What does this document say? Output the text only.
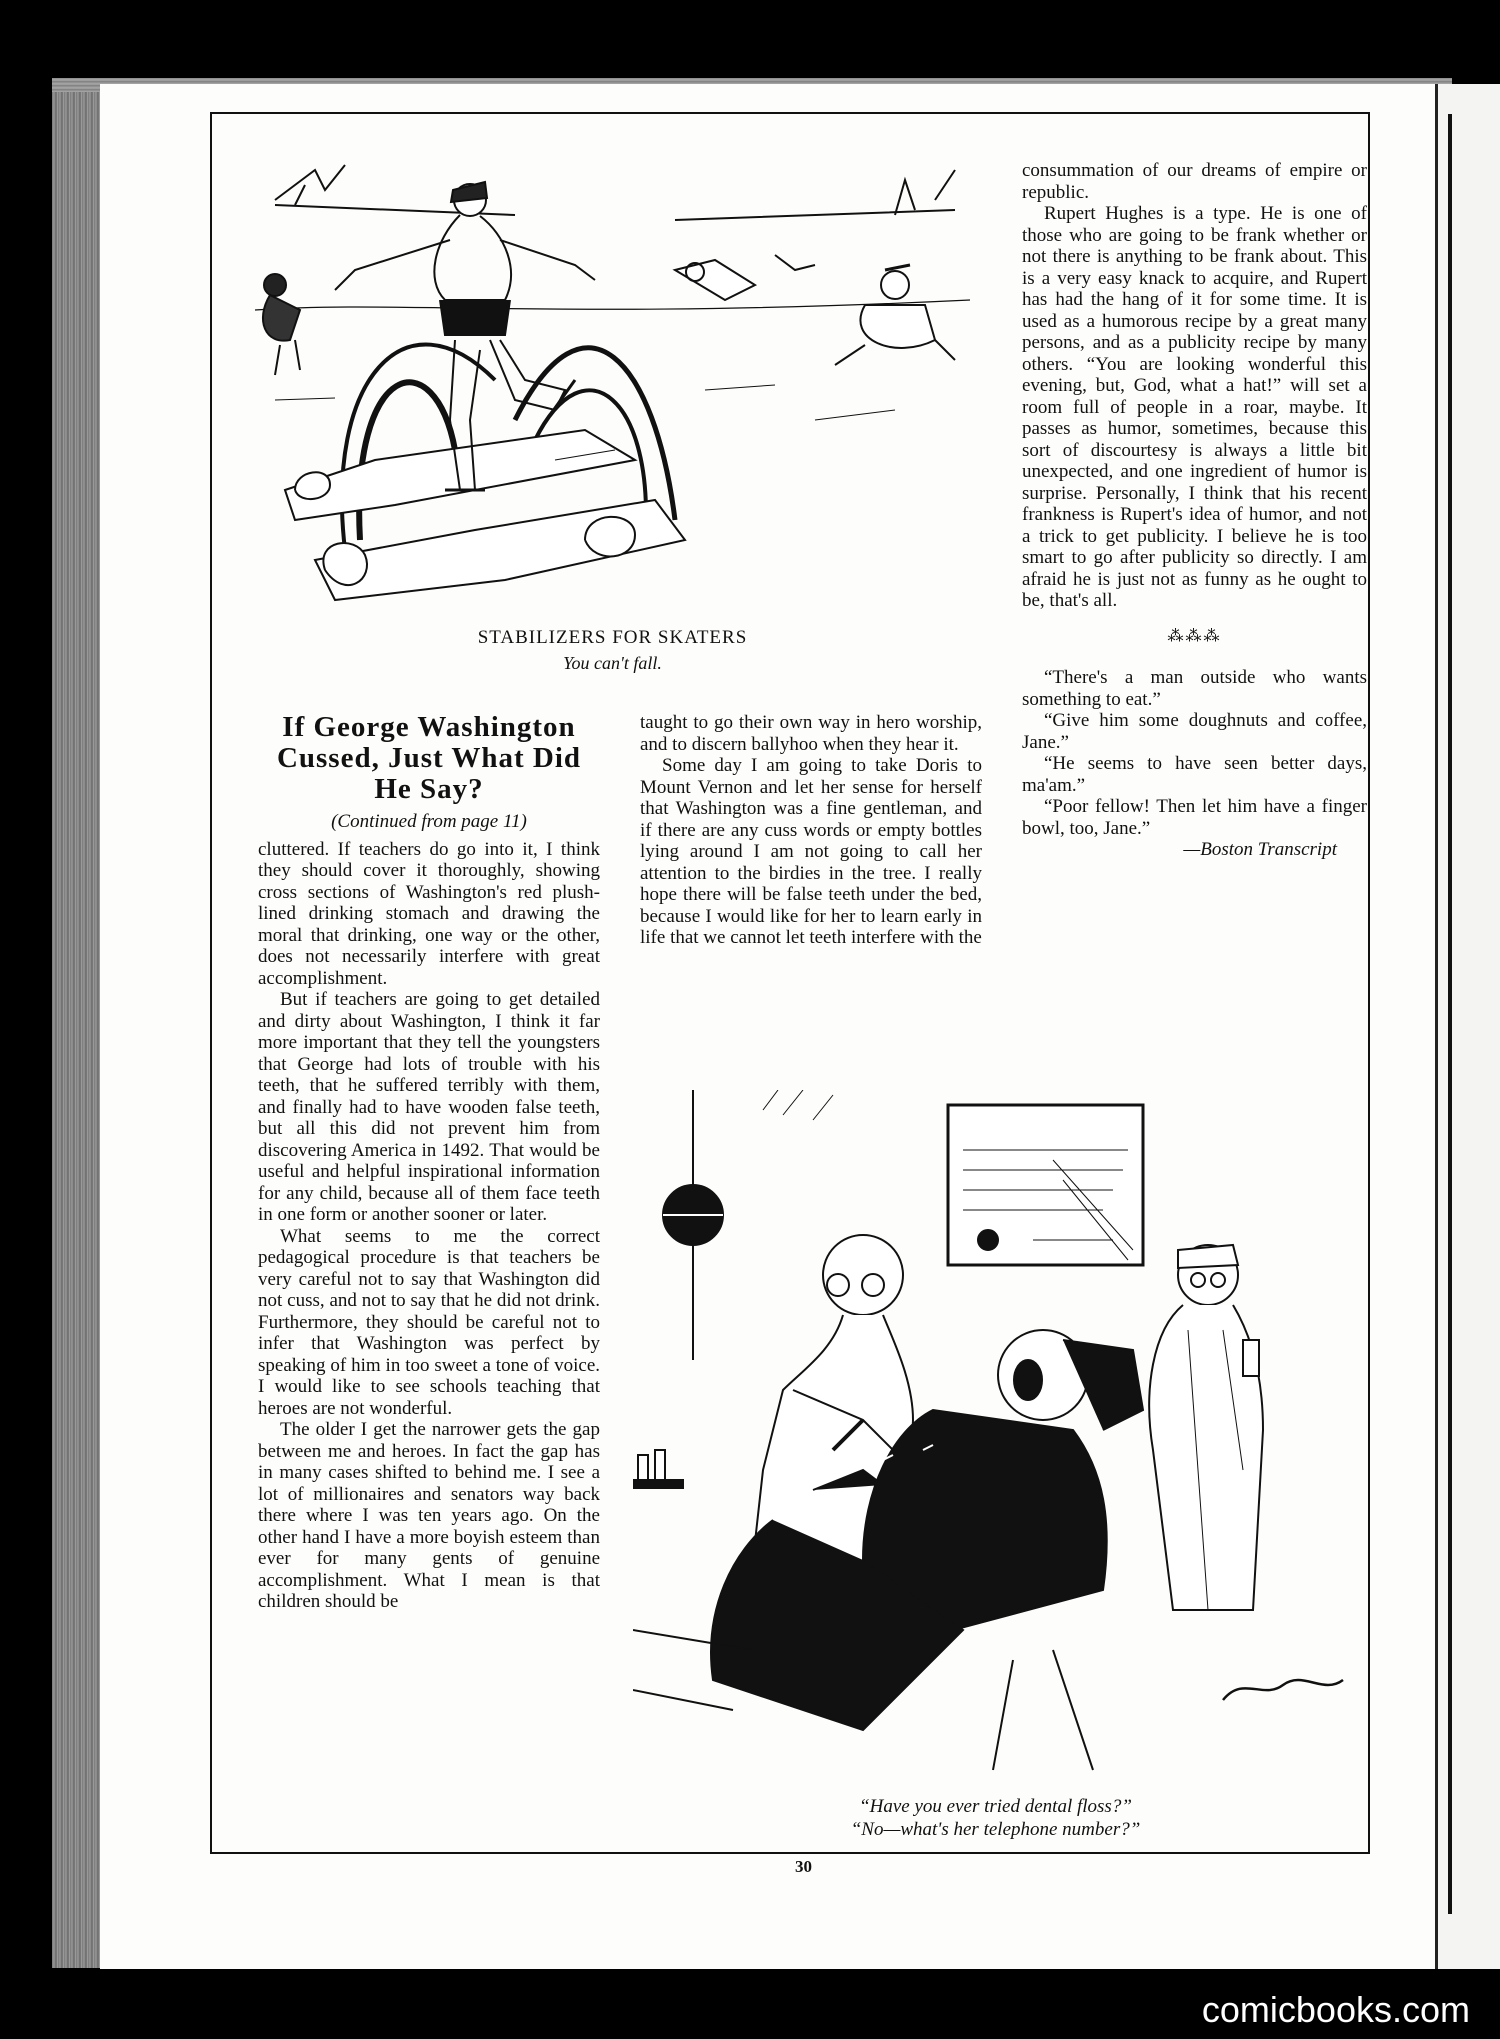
STABILIZERS FOR SKATERS
You can't fall.
If George Washington Cussed, Just What Did He Say?
(Continued from page 11)

cluttered. If teachers do go into it, I think they should cover it thoroughly, showing cross sections of Washington's red plush-lined drinking stomach and drawing the moral that drinking, one way or the other, does not necessarily interfere with great accomplishment.

But if teachers are going to get detailed and dirty about Washington, I think it far more important that they tell the youngsters that George had lots of trouble with his teeth, that he suffered terribly with them, and finally had to have wooden false teeth, but all this did not prevent him from discovering America in 1492. That would be useful and helpful inspirational information for any child, because all of them face teeth in one form or another sooner or later.

What seems to me the correct pedagogical procedure is that teachers be very careful not to say that Washington did not cuss, and not to say that he did not drink. Furthermore, they should be careful not to infer that Washington was perfect by speaking of him in too sweet a tone of voice. I would like to see schools teaching that heroes are not wonderful.

The older I get the narrower gets the gap between me and heroes. In fact the gap has in many cases shifted to behind me. I see a lot of millionaires and senators way back there where I was ten years ago. On the other hand I have a more boyish esteem than ever for many gents of genuine accomplishment. What I mean is that children should be

taught to go their own way in hero worship, and to discern ballyhoo when they hear it.

Some day I am going to take Doris to Mount Vernon and let her sense for herself that Washington was a fine gentleman, and if there are any cuss words or empty bottles lying around I am not going to call her attention to the birdies in the tree. I really hope there will be false teeth under the bed, because I would like for her to learn early in life that we cannot let teeth interfere with the

consummation of our dreams of empire or republic.

Rupert Hughes is a type. He is one of those who are going to be frank whether or not there is anything to be frank about. This is a very easy knack to acquire, and Rupert has had the hang of it for some time. It is used as a humorous recipe by a great many persons, and as a publicity recipe by many others. “You are looking wonderful this evening, but, God, what a hat!” will set a room full of people in a roar, maybe. It passes as humor, sometimes, because this sort of discourtesy is always a little bit unexpected, and one ingredient of humor is surprise. Personally, I think that his recent frankness is Rupert's idea of humor, and not a trick to get publicity. I believe he is too smart to go after publicity so directly. I am afraid he is just not as funny as he ought to be, that's all.

⁂⁂⁂

“There's a man outside who wants something to eat.”

“Give him some doughnuts and coffee, Jane.”

“He seems to have seen better days, ma'am.”

“Poor fellow! Then let him have a finger bowl, too, Jane.”

—Boston Transcript
“Have you ever tried dental floss?”
“No—what's her telephone number?”
30
comicbooks.com
